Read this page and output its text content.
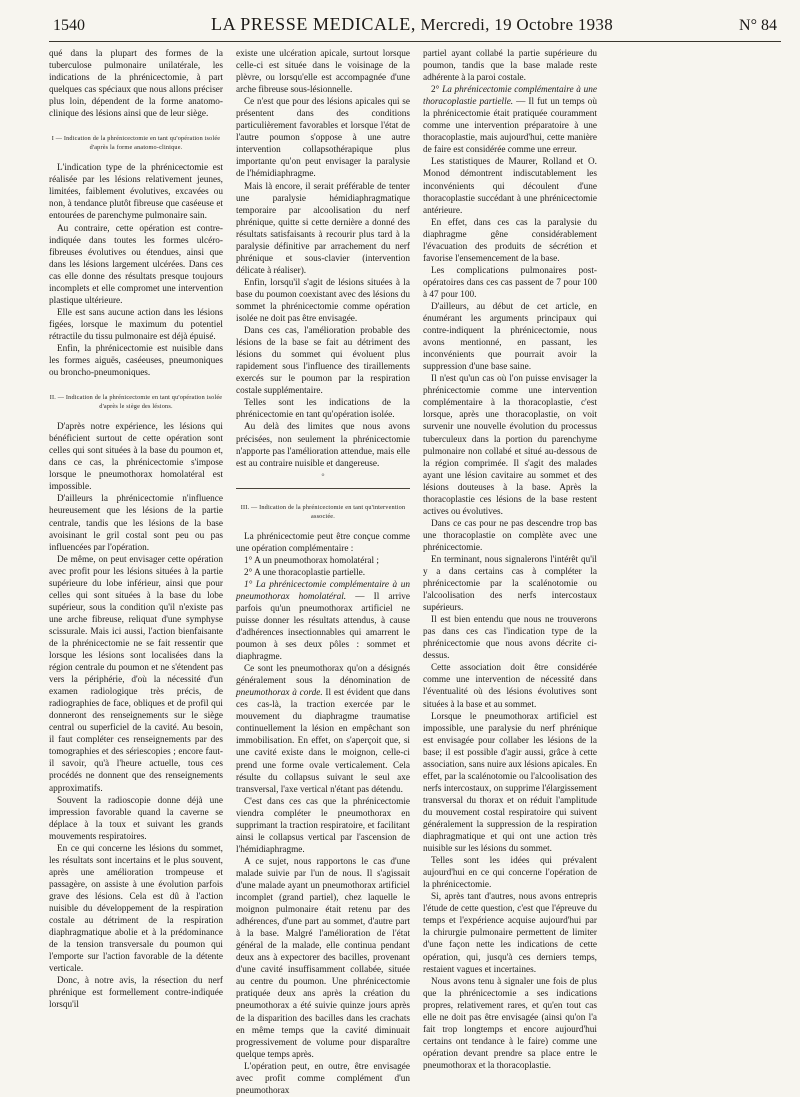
1540	LA PRESSE MEDICALE, Mercredi, 19 Octobre 1938	N° 84

qué dans la plupart des formes de la tuberculose pulmonaire unilatérale, les indications de la phrénicectomie, à part quelques cas spéciaux que nous allons préciser plus loin, dépendent de la forme anatomo-clinique des lésions ainsi que de leur siège.

I — Indication de la phrénicectomie en tant qu'opération isolée d'après la forme anatomo-clinique.

L'indication type de la phrénicectomie est réalisée par les lésions relativement jeunes, limitées, faiblement évolutives, excavées ou non, à tendance plutôt fibreuse que caséeuse et entourées de parenchyme pulmonaire sain.

Au contraire, cette opération est contre-indiquée dans toutes les formes ulcéro-fibreuses évolutives ou étendues, ainsi que dans les lésions largement ulcérées. Dans ces cas elle donne des résultats presque toujours incomplets et elle compromet une intervention plastique ultérieure.

Elle est sans aucune action dans les lésions figées, lorsque le maximum du potentiel rétractile du tissu pulmonaire est déjà épuisé.

Enfin, la phrénicectomie est nuisible dans les formes aiguës, caséeuses, pneumoniques ou broncho-pneumoniques.

II. — Indication de la phrénicectomie en tant qu'opération isolée d'après le siège des lésions.

D'après notre expérience, les lésions qui bénéficient surtout de cette opération sont celles qui sont situées à la base du poumon et, dans ce cas, la phrénicectomie s'impose lorsque le pneumothorax homolatéral est impossible.

D'ailleurs la phrénicectomie n'influence heureusement que les lésions de la partie centrale, tandis que les lésions de la base avoisinant le gril costal sont peu ou pas influencées par l'opération.

De même, on peut envisager cette opération avec profit pour les lésions situées à la partie supérieure du lobe inférieur, ainsi que pour celles qui sont situées à la base du lobe supérieur, sous la condition qu'il n'existe pas une arche fibreuse, reliquat d'une symphyse scissurale. Mais ici aussi, l'action bienfaisante de la phrénicectomie ne se fait ressentir que lorsque les lésions sont localisées dans la région centrale du poumon et ne s'étendent pas vers la périphérie, d'où la nécessité d'un examen radiologique très précis, de radiographies de face, obliques et de profil qui donneront des renseignements sur le siège central ou superficiel de la cavité. Au besoin, il faut compléter ces renseignements par des tomographies et des sériescopies ; encore faut-il savoir, qu'à l'heure actuelle, tous ces procédés ne donnent que des renseignements approximatifs.

Souvent la radioscopie donne déjà une impression favorable quand la caverne se déplace à la toux et suivant les grands mouvements respiratoires.

En ce qui concerne les lésions du sommet, les résultats sont incertains et le plus souvent, après une amélioration trompeuse et passagère, on assiste à une évolution parfois grave des lésions. Cela est dû à l'action nuisible du développement de la respiration costale au détriment de la respiration diaphragmatique abolie et à la prédominance de la tension transversale du poumon qui l'emporte sur l'action favorable de la détente verticale.

Donc, à notre avis, la résection du nerf phrénique est formellement contre-indiquée lorsqu'il

existe une ulcération apicale, surtout lorsque celle-ci est située dans le voisinage de la plèvre, ou lorsqu'elle est accompagnée d'une arche fibreuse sous-lésionnelle.

Ce n'est que pour des lésions apicales qui se présentent dans des conditions particulièrement favorables et lorsque l'état de l'autre poumon s'oppose à une autre intervention collapsothérapique plus importante qu'on peut envisager la paralysie de l'hémidiaphragme.

Mais là encore, il serait préférable de tenter une paralysie hémidiaphragmatique temporaire par alcoolisation du nerf phrénique, quitte si cette dernière a donné des résultats satisfaisants à recourir plus tard à la paralysie définitive par arrachement du nerf phrénique et sous-clavier (intervention délicate à réaliser).

Enfin, lorsqu'il s'agit de lésions situées à la base du poumon coexistant avec des lésions du sommet la phrénicectomie comme opération isolée ne doit pas être envisagée.

Dans ces cas, l'amélioration probable des lésions de la base se fait au détriment des lésions du sommet qui évoluent plus rapidement sous l'influence des tiraillements exercés sur le poumon par la respiration costale supplémentaire.

Telles sont les indications de la phrénicectomie en tant qu'opération isolée.

Au delà des limites que nous avons précisées, non seulement la phrénicectomie n'apporte pas l'amélioration attendue, mais elle est au contraire nuisible et dangereuse.

°
III. — Indication de la phrénicectomie en tant qu'intervention associée.

La phrénicectomie peut être conçue comme une opération complémentaire :

1° A un pneumothorax homolatéral ;

2° A une thoracoplastie partielle.

1° La phrénicectomie complémentaire à un pneumothorax homolatéral. — Il arrive parfois qu'un pneumothorax artificiel ne puisse donner les résultats attendus, à cause d'adhérences insectionnables qui amarrent le poumon à ses deux pôles : sommet et diaphragme.

Ce sont les pneumothorax qu'on a désignés généralement sous la dénomination de pneumothorax à corde. Il est évident que dans ces cas-là, la traction exercée par le mouvement du diaphragme traumatise continuellement la lésion en empêchant son immobilisation. En effet, on s'aperçoit que, si une cavité existe dans le moignon, celle-ci prend une forme ovale verticalement. Cela résulte du collapsus suivant le seul axe transversal, l'axe vertical n'étant pas détendu.

C'est dans ces cas que la phrénicectomie viendra compléter le pneumothorax en supprimant la traction respiratoire, et facilitant ainsi le collapsus vertical par l'ascension de l'hémidiaphragme.

A ce sujet, nous rapportons le cas d'une malade suivie par l'un de nous. Il s'agissait d'une malade ayant un pneumothorax artificiel incomplet (grand partiel), chez laquelle le moignon pulmonaire était retenu par des adhérences, d'une part au sommet, d'autre part à la base. Malgré l'amélioration de l'état général de la malade, elle continua pendant deux ans à expectorer des bacilles, provenant d'une cavité insuffisamment collabée, située au centre du poumon. Une phrénicectomie pratiquée deux ans après la création du pneumothorax a été suivie quinze jours après de la disparition des bacilles dans les crachats en même temps que la cavité diminuait progressivement de volume pour disparaître quelque temps après.

L'opération peut, en outre, être envisagée avec profit comme complément d'un pneumothorax

partiel ayant collabé la partie supérieure du poumon, tandis que la base malade reste adhérente à la paroi costale.

2° La phrénicectomie complémentaire à une thoracoplastie partielle. — Il fut un temps où la phrénicectomie était pratiquée couramment comme une intervention préparatoire à une thoracoplastie, mais aujourd'hui, cette manière de faire est considérée comme une erreur.

Les statistiques de Maurer, Rolland et O. Monod démontrent indiscutablement les inconvénients qui découlent d'une thoracoplastie succédant à une phrénicectomie antérieure.

En effet, dans ces cas la paralysie du diaphragme gêne considérablement l'évacuation des produits de sécrétion et favorise l'ensemencement de la base.

Les complications pulmonaires post-opératoires dans ces cas passent de 7 pour 100 à 47 pour 100.

D'ailleurs, au début de cet article, en énumérant les arguments principaux qui contre-indiquent la phrénicectomie, nous avons mentionné, en passant, les inconvénients que pourrait avoir la suppression d'une base saine.

Il n'est qu'un cas où l'on puisse envisager la phrénicectomie comme une intervention complémentaire à la thoracoplastie, c'est lorsque, après une thoracoplastie, on voit survenir une nouvelle évolution du processus tuberculeux dans la portion du parenchyme pulmonaire non collabé et situé au-dessous de la région comprimée. Il s'agit des malades ayant une lésion cavitaire au sommet et des lésions douteuses à la base. Après la thoracoplastie ces lésions de la base restent actives ou évolutives.

Dans ce cas pour ne pas descendre trop bas une thoracoplastie on complète avec une phrénicectomie.

En terminant, nous signalerons l'intérêt qu'il y a dans certains cas à compléter la phrénicectomie par la scalénotomie ou l'alcoolisation des nerfs intercostaux supérieurs.

Il est bien entendu que nous ne trouverons pas dans ces cas l'indication type de la phrénicectomie que nous avons décrite ci-dessus.

Cette association doit être considérée comme une intervention de nécessité dans l'éventualité où des lésions évolutives sont situées à la base et au sommet.

Lorsque le pneumothorax artificiel est impossible, une paralysie du nerf phrénique est envisagée pour collaber les lésions de la base; il est possible d'agir aussi, grâce à cette association, sans nuire aux lésions apicales. En effet, par la scalénotomie ou l'alcoolisation des nerfs intercostaux, on supprime l'élargissement transversal du thorax et on réduit l'amplitude du mouvement costal respiratoire qui suivent généralement la suppression de la respiration diaphragmatique et qui ont une action très nuisible sur les lésions du sommet.

Telles sont les idées qui prévalent aujourd'hui en ce qui concerne l'opération de la phrénicectomie.

Si, après tant d'autres, nous avons entrepris l'étude de cette question, c'est que l'épreuve du temps et l'expérience acquise aujourd'hui par la chirurgie pulmonaire permettent de limiter d'une façon nette les indications de cette opération, qui, jusqu'à ces derniers temps, restaient vagues et incertaines.

Nous avons tenu à signaler une fois de plus que la phrénicectomie a ses indications propres, relativement rares, et qu'en tout cas elle ne doit pas être envisagée (ainsi qu'on l'a fait trop longtemps et encore aujourd'hui certains ont tendance à le faire) comme une opération devant prendre sa place entre le pneumothorax et la thoracoplastie.
